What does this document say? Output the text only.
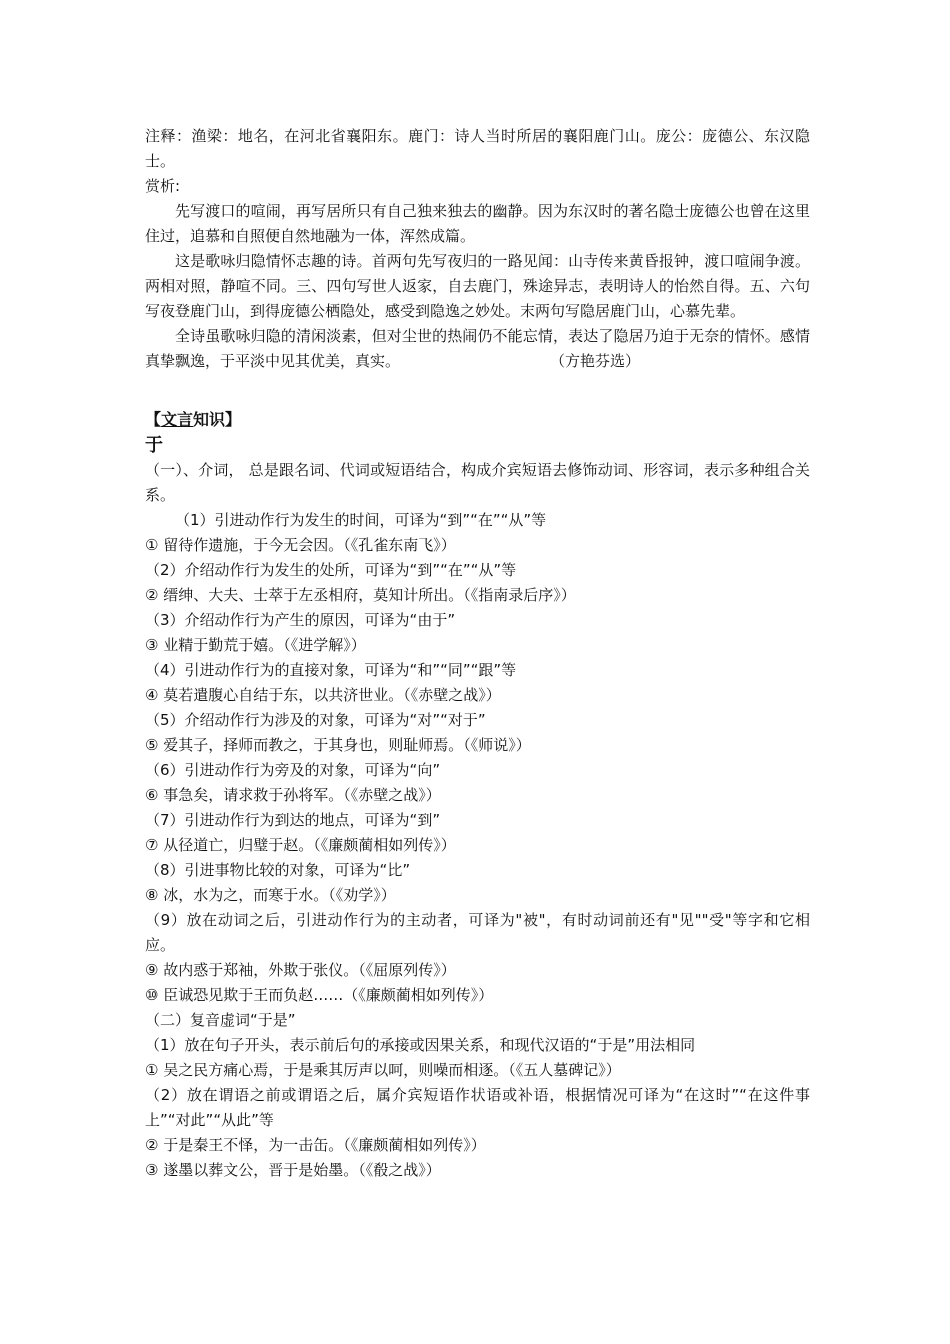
注释：渔梁：地名，在河北省襄阳东。鹿门：诗人当时所居的襄阳鹿门山。庞公：庞德公、东汉隐士。

赏析:

先写渡口的喧闹，再写居所只有自己独来独去的幽静。因为东汉时的著名隐士庞德公也曾在这里住过，追慕和自照便自然地融为一体，浑然成篇。

这是歌咏归隐情怀志趣的诗。首两句先写夜归的一路见闻：山寺传来黄昏报钟，渡口喧闹争渡。两相对照，静喧不同。三、四句写世人返家，自去鹿门，殊途异志，表明诗人的怡然自得。五、六句写夜登鹿门山，到得庞德公栖隐处，感受到隐逸之妙处。末两句写隐居鹿门山，心慕先辈。

全诗虽歌咏归隐的清闲淡素，但对尘世的热闹仍不能忘情，表达了隐居乃迫于无奈的情怀。感情真挚飘逸，于平淡中见其优美，真实。	（方艳芬选）

【文言知识】

于

（一）、介词， 总是跟名词、代词或短语结合，构成介宾短语去修饰动词、形容词，表示多种组合关系。

（1）引进动作行为发生的时间，可译为“到”“在”“从”等

① 留待作遗施，于今无会因。（《孔雀东南飞》）

（2）介绍动作行为发生的处所，可译为“到”“在”“从”等

② 缙绅、大夫、士萃于左丞相府，莫知计所出。（《指南录后序》）

（3）介绍动作行为产生的原因，可译为“由于”

③ 业精于勤荒于嬉。（《进学解》）

（4）引进动作行为的直接对象，可译为“和”“同”“跟”等

④ 莫若遣腹心自结于东，以共济世业。（《赤壁之战》）

（5）介绍动作行为涉及的对象，可译为“对”“对于”

⑤ 爱其子，择师而教之，于其身也，则耻师焉。（《师说》）

（6）引进动作行为旁及的对象，可译为“向”

⑥ 事急矣，请求救于孙将军。（《赤壁之战》）

（7）引进动作行为到达的地点，可译为“到”

⑦ 从径道亡，归璧于赵。（《廉颇蔺相如列传》）

（8）引进事物比较的对象，可译为“比”

⑧ 冰，水为之，而寒于水。（《劝学》）

（9）放在动词之后，引进动作行为的主动者，可译为"被"，有时动词前还有"见""受"等字和它相应。

⑨ 故内惑于郑袖，外欺于张仪。（《屈原列传》）

⑩ 臣诚恐见欺于王而负赵……（《廉颇蔺相如列传》）

（二）复音虚词“于是”

（1）放在句子开头，表示前后句的承接或因果关系，和现代汉语的“于是”用法相同

① 吴之民方痛心焉，于是乘其厉声以呵，则噪而相逐。（《五人墓碑记》）

（2）放在谓语之前或谓语之后，属介宾短语作状语或补语，根据情况可译为“在这时”“在这件事上”“对此”“从此”等

② 于是秦王不怿，为一击缶。（《廉颇蔺相如列传》）

③ 遂墨以葬文公，晋于是始墨。（《殽之战》）
